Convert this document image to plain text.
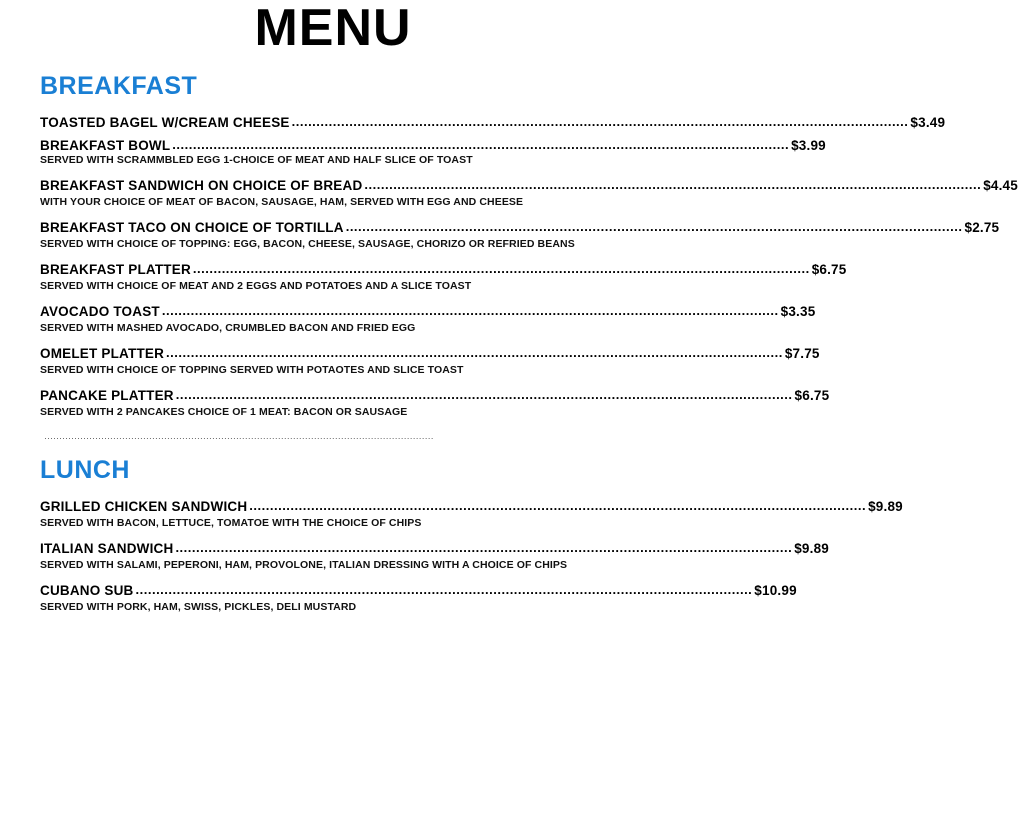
MENU
BREAKFAST
TOASTED BAGEL W/CREAM CHEESE .....	$3.49
BREAKFAST BOWL .....	$3.99
SERVED WITH SCRAMMBLED EGG 1-CHOICE OF MEAT AND HALF SLICE OF TOAST
BREAKFAST SANDWICH ON CHOICE OF BREAD .....	$4.45
WITH YOUR CHOICE OF MEAT OF BACON, SAUSAGE, HAM, SERVED WITH EGG AND CHEESE
BREAKFAST TACO ON CHOICE OF TORTILLA .....	$2.75
SERVED WITH CHOICE OF TOPPING: EGG, BACON, CHEESE, SAUSAGE, CHORIZO OR REFRIED BEANS
BREAKFAST PLATTER .....	$6.75
SERVED WITH CHOICE OF MEAT AND 2 EGGS AND POTATOES AND A SLICE TOAST
AVOCADO TOAST .....	$3.35
SERVED WITH MASHED AVOCADO, CRUMBLED BACON AND FRIED EGG
OMELET PLATTER .....	$7.75
SERVED WITH CHOICE OF TOPPING SERVED WITH POTAOTES AND SLICE TOAST
PANCAKE PLATTER .....	$6.75
SERVED WITH 2 PANCAKES CHOICE OF 1 MEAT: BACON OR SAUSAGE
··································································································································
LUNCH
GRILLED CHICKEN SANDWICH .....	$9.89
SERVED WITH BACON, LETTUCE, TOMATOE WITH THE CHOICE OF CHIPS
ITALIAN SANDWICH .....	$9.89
SERVED WITH SALAMI, PEPERONI, HAM, PROVOLONE, ITALIAN DRESSING WITH A CHOICE OF CHIPS
CUBANO SUB .....	$10.99
SERVED WITH PORK, HAM, SWISS, PICKLES, DELI MUSTARD
